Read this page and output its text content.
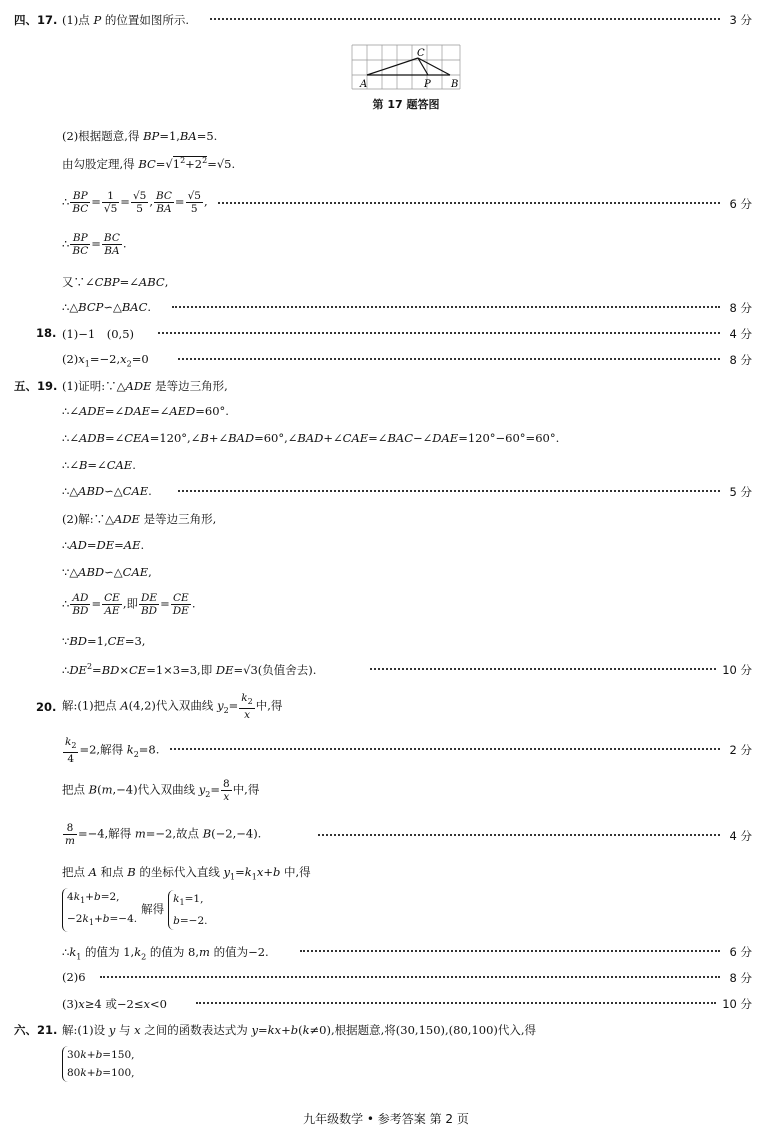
四、17. (1)点 P 的位置如图所示.	3 分
A	B
C
P
第 17 题答图
(2)根据题意,得 BP=1,BA=5.
由勾股定理,得 $BC=√1^2+2^2=√5$.
∴ $\frac{BP}{BC} = \frac{1}{√5} = \frac{√5}{5}$ , $\frac{BC}{BA} = \frac{√5}{5}$ ,	6 分
∴ $\frac{BP}{BC} = \frac{BC}{BA}$ .
又∵∠CBP=∠ABC,
∴△BCP∽△BAC.	8 分
18. (1)−1　(0,5)	4 分
$(2)x_1=-2,x_2=0$	8 分
五、19. (1)证明:∵△ADE 是等边三角形,
∴∠ADE=∠DAE=∠AED=60°.
∴∠ADB=∠CEA=120°,∠B+∠BAD=60°,∠BAD+∠CAE=∠BAC−∠DAE=120°−60°=60°.
∴∠B=∠CAE.
∴△ABD∽△CAE.	5 分
(2)解:∵△ADE 是等边三角形,
∴AD=DE=AE.
∵△ABD∽△CAE,
∴ $\frac{AD}{BD} = \frac{CE}{AE}$ ,即 $\frac{DE}{BD} = \frac{CE}{DE}$ .
∵BD=1,CE=3,
$\therefore DE^2=BD\times CE=1\times 3=3$,即 DE=√3(负值舍去).	10 分
20. 解:(1)把点 A(4,2)代入双曲线 $y_2= \frac{k_2}{x}$ 中,得
$\frac{k_2}{4} =2$,解得 $k_2=8$.	2 分
把点 B(m,−4)代入双曲线 $y_2= \frac{8}{x}$ 中,得
$\frac{8}{m} =-4$,解得 m=−2,故点 B(−2,−4).	4 分
把点 A 和点 B 的坐标代入直线 $y_1=k_1x+b$ 中,得
$4k_1+b=2$,
$-2k_1+b=-4$.
解得
$k_1=1$,
b=−2.
$\therefore k_1$ 的值为 $1,k_2$ 的值为 8,m 的值为−2.	6 分
(2)6	8 分
(3)x≥4 或−2≤x<0	10 分
六、21. 解:(1)设 y 与 x 之间的函数表达式为 y=kx+b(k≠0),根据题意,将(30,150),(80,100)代入,得
30k+b=150,
80k+b=100,
九年级数学 • 参考答案 第 2 页
